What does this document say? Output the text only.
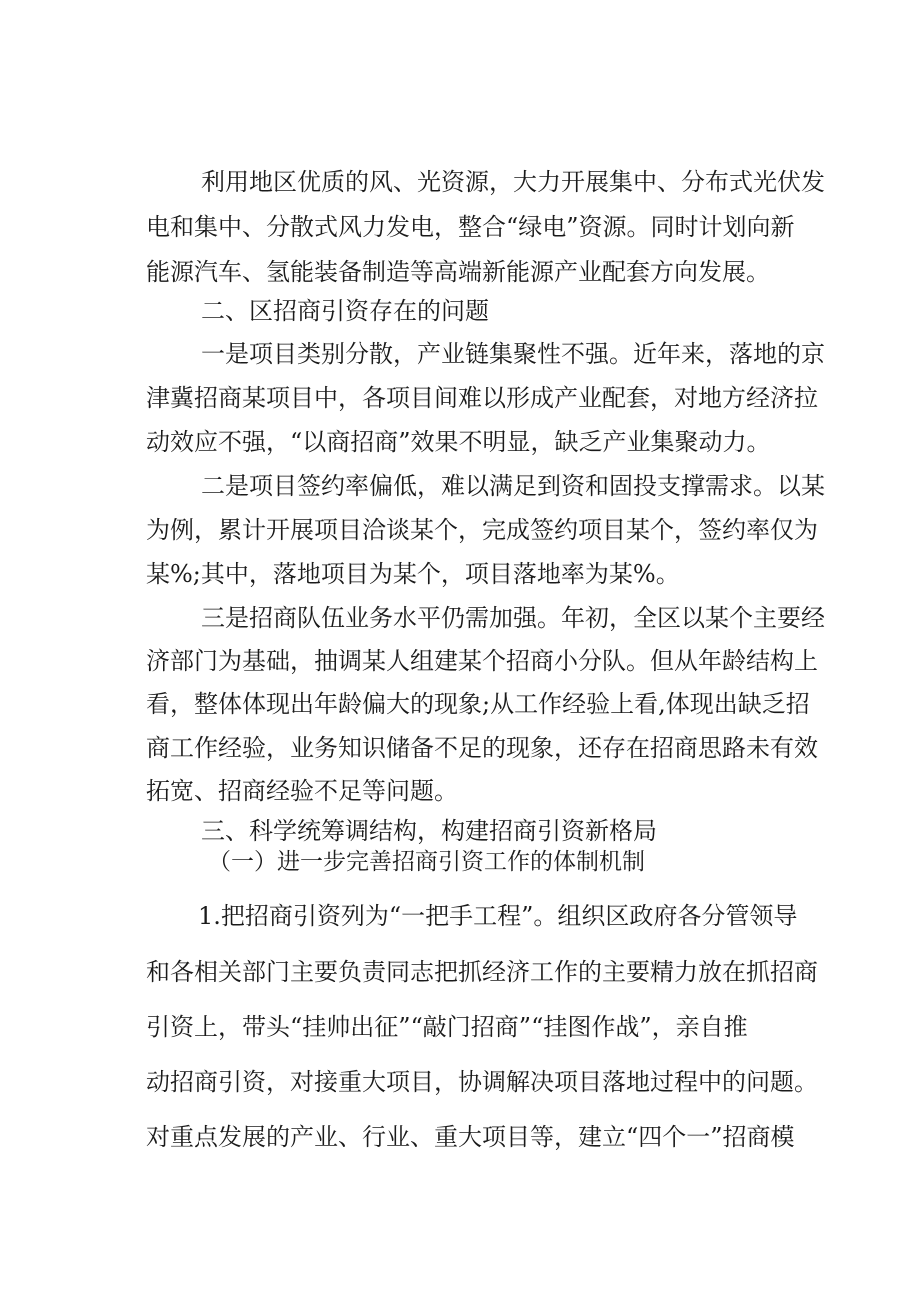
利用地区优质的风、光资源，大力开展集中、分布式光伏发

电和集中、分散式风力发电，整合“绿电”资源。同时计划向新

能源汽车、氢能装备制造等高端新能源产业配套方向发展。

二、区招商引资存在的问题

一是项目类别分散，产业链集聚性不强。近年来，落地的京

津冀招商某项目中，各项目间难以形成产业配套，对地方经济拉

动效应不强，“以商招商”效果不明显，缺乏产业集聚动力。

二是项目签约率偏低，难以满足到资和固投支撑需求。以某

为例，累计开展项目洽谈某个，完成签约项目某个，签约率仅为

某%;其中，落地项目为某个，项目落地率为某%。

三是招商队伍业务水平仍需加强。年初，全区以某个主要经

济部门为基础，抽调某人组建某个招商小分队。但从年龄结构上

看，整体体现出年龄偏大的现象;从工作经验上看,体现出缺乏招

商工作经验，业务知识储备不足的现象，还存在招商思路未有效

拓宽、招商经验不足等问题。

三、科学统筹调结构，构建招商引资新格局

（一）进一步完善招商引资工作的体制机制

1.把招商引资列为“一把手工程”。组织区政府各分管领导

和各相关部门主要负责同志把抓经济工作的主要精力放在抓招商

引资上，带头“挂帅出征”“敲门招商”“挂图作战”，亲自推

动招商引资，对接重大项目，协调解决项目落地过程中的问题。

对重点发展的产业、行业、重大项目等，建立“四个一”招商模
